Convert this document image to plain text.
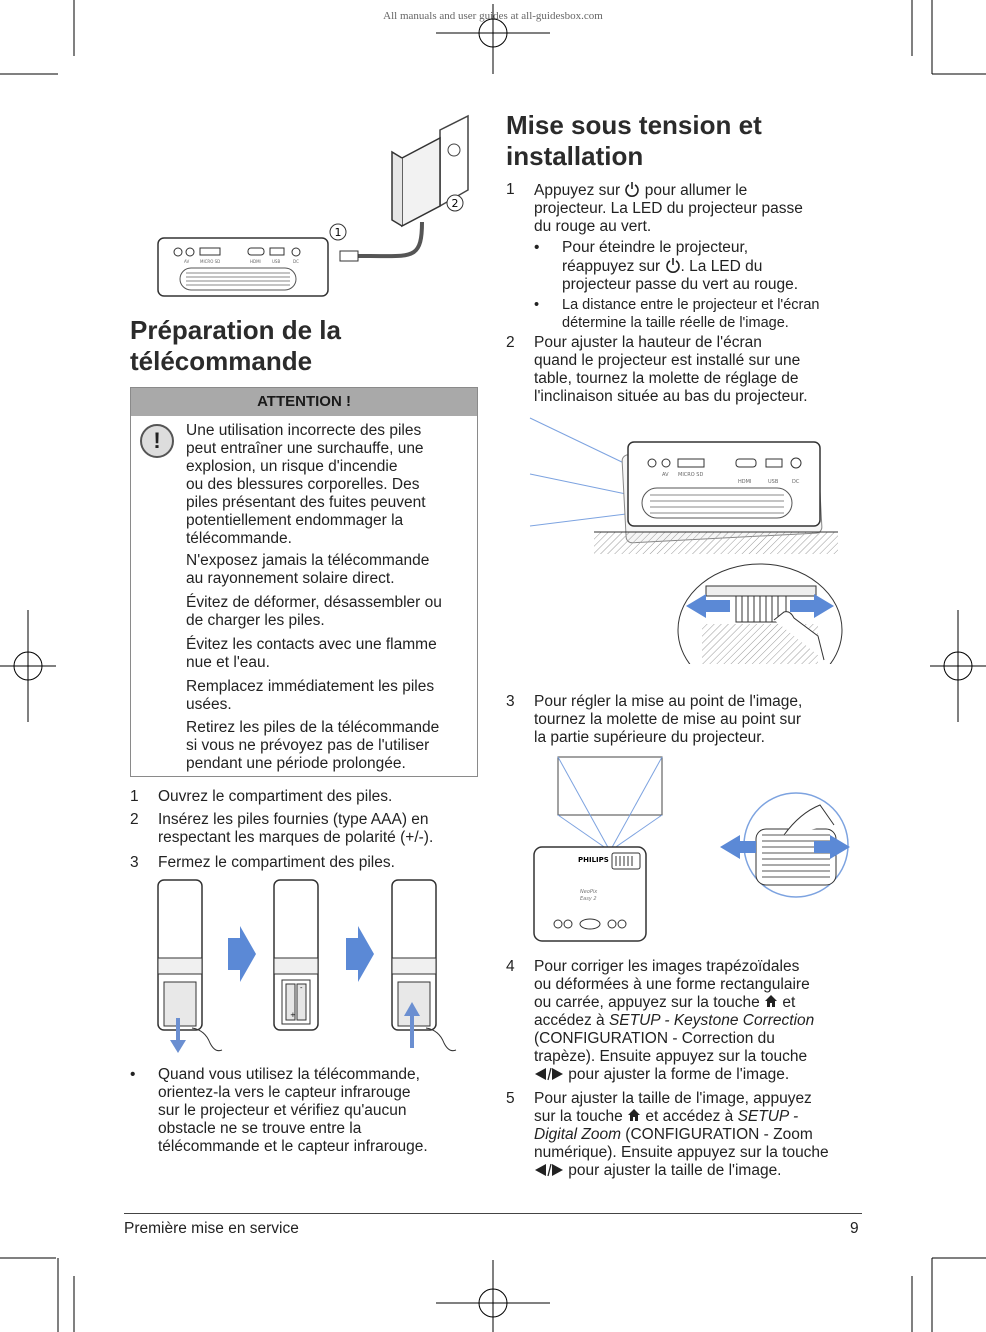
All manuals and user guides at all-guidesbox.com
2
1
AV	MICRO SD	HDMI	USB	DC
Préparation de la
télécommande
ATTENTION !
!	Une utilisation incorrecte des piles
peut entraîner une surchauffe, une
explosion, un risque d'incendie
ou des blessures corporelles. Des
piles présentant des fuites peuvent
potentiellement endommager la
télécommande.
N'exposez jamais la télécommande
au rayonnement solaire direct.
Évitez de déformer, désassembler ou
de charger les piles.
Évitez les contacts avec une flamme
nue et l'eau.
Remplacez immédiatement les piles
usées.
Retirez les piles de la télécommande
si vous ne prévoyez pas de l'utiliser
pendant une période prolongée.
1	Ouvrez le compartiment des piles.
2	Insérez les piles fournies (type AAA) en
respectant les marques de polarité (+/-).
3	Fermez le compartiment des piles.
+
-
• Quand vous utilisez la télécommande,
orientez-la vers le capteur infrarouge
sur le projecteur et vérifiez qu'aucun
obstacle ne se trouve entre la
télécommande et le capteur infrarouge.
Mise sous tension et
installation
1	Appuyez sur  pour allumer le
projecteur. La LED du projecteur passe
du rouge au vert.
• Pour éteindre le projecteur,
réappuyez sur . La LED du
projecteur passe du vert au rouge.
• La distance entre le projecteur et l'écran
détermine la taille réelle de l'image.
2	Pour ajuster la hauteur de l'écran
quand le projecteur est installé sur une
table, tournez la molette de réglage de
l'inclinaison située au bas du projecteur.
AV MICRO SD
HDMI	USB	DC
3	Pour régler la mise au point de l'image,
tournez la molette de mise au point sur
la partie supérieure du projecteur.
PHILIPS
NeoPix
Easy 2
4	Pour corriger les images trapézoïdales
ou déformées à une forme rectangulaire
ou carrée, appuyez sur la touche  et
accédez à SETUP - Keystone Correction
(CONFIGURATION - Correction du
trapèze). Ensuite appuyez sur la touche
pour ajuster la forme de l'image.
5	Pour ajuster la taille de l'image, appuyez
sur la touche  et accédez à SETUP -
Digital Zoom (CONFIGURATION - Zoom
numérique). Ensuite appuyez sur la touche
pour ajuster la taille de l'image.
Première mise en service	9
